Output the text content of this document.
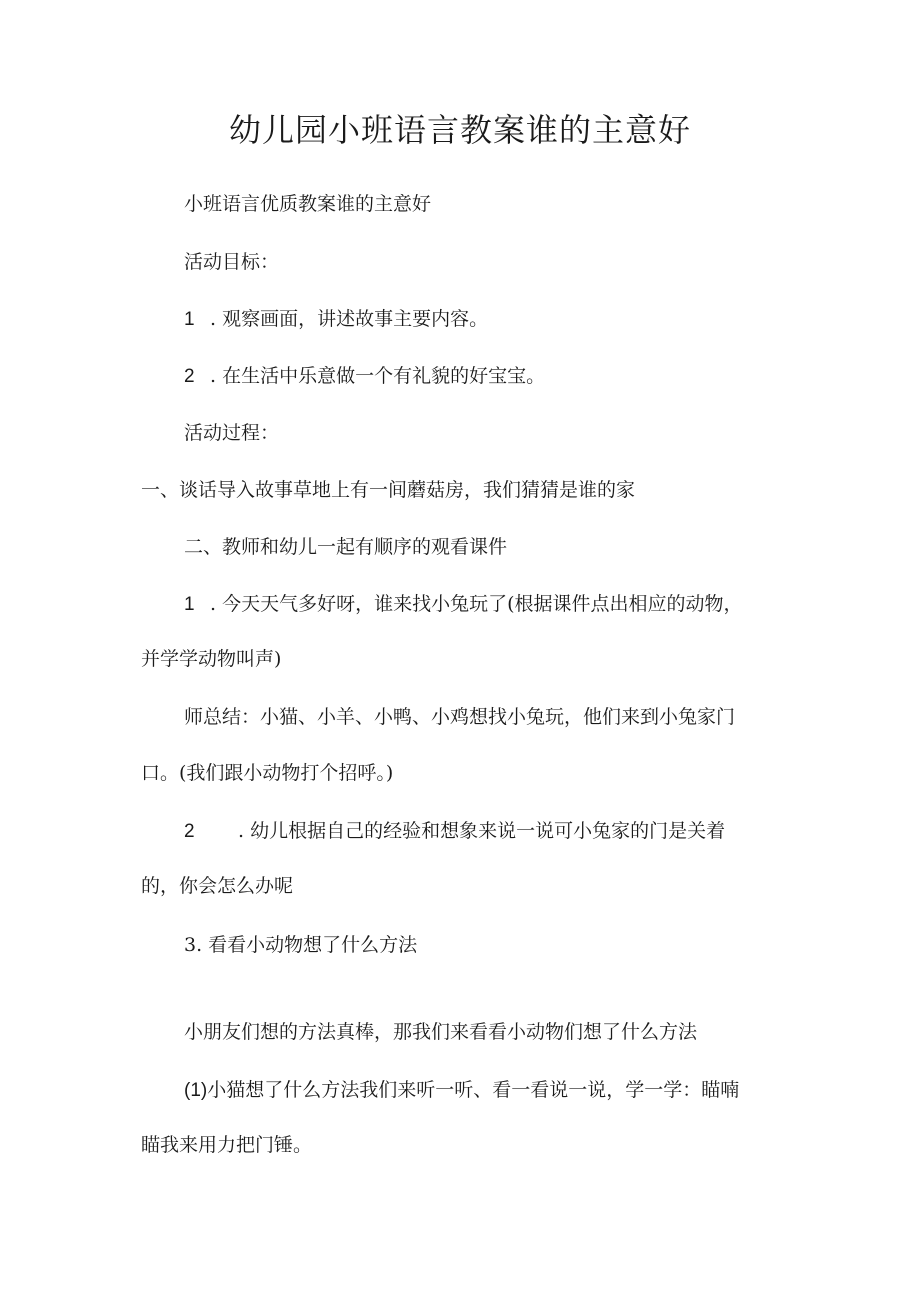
幼儿园小班语言教案谁的主意好

小班语言优质教案谁的主意好

活动目标：

1 . 观察画面，讲述故事主要内容。

2 . 在生活中乐意做一个有礼貌的好宝宝。

活动过程：

一、谈话导入故事草地上有一间蘑菇房，我们猜猜是谁的家

二、教师和幼儿一起有顺序的观看课件

1 . 今天天气多好呀，谁来找小兔玩了(根据课件点出相应的动物，

并学学动物叫声)

师总结：小猫、小羊、小鸭、小鸡想找小兔玩，他们来到小兔家门

口。(我们跟小动物打个招呼。)

2 . 幼儿根据自己的经验和想象来说一说可小兔家的门是关着

的，你会怎么办呢

3. 看看小动物想了什么方法

小朋友们想的方法真棒，那我们来看看小动物们想了什么方法

(1)小猫想了什么方法我们来听一听、看一看说一说，学一学：瞄喃

瞄我来用力把门锤。
